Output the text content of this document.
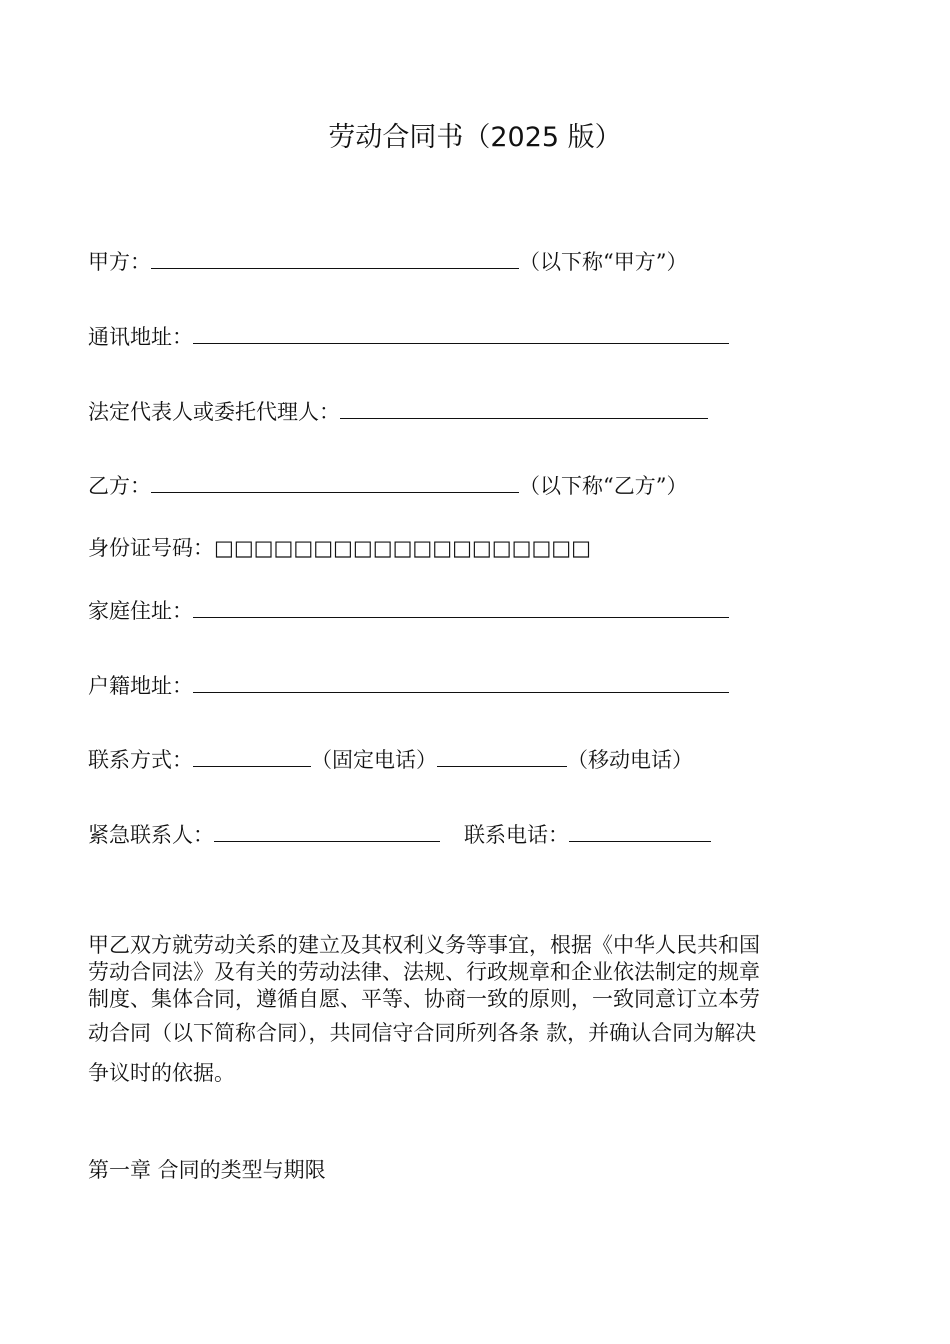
劳动合同书（2025 版）
甲方：	（以下称“甲方”）
通讯地址：
法定代表人或委托代理人：
乙方：	（以下称“乙方”）
身份证号码：□□□□□□□□□□□□□□□□□□□
家庭住址：
户籍地址：
联系方式：	（固定电话）	（移动电话）
紧急联系人：	联系电话：
甲乙双方就劳动关系的建立及其权利义务等事宜，根据《中华人民共和国
劳动合同法》及有关的劳动法律、法规、行政规章和企业依法制定的规章
制度、集体合同，遵循自愿、平等、协商一致的原则，一致同意订立本劳
动合同（以下简称合同），共同信守合同所列各条 款，并确认合同为解决
争议时的依据。
第一章 合同的类型与期限
